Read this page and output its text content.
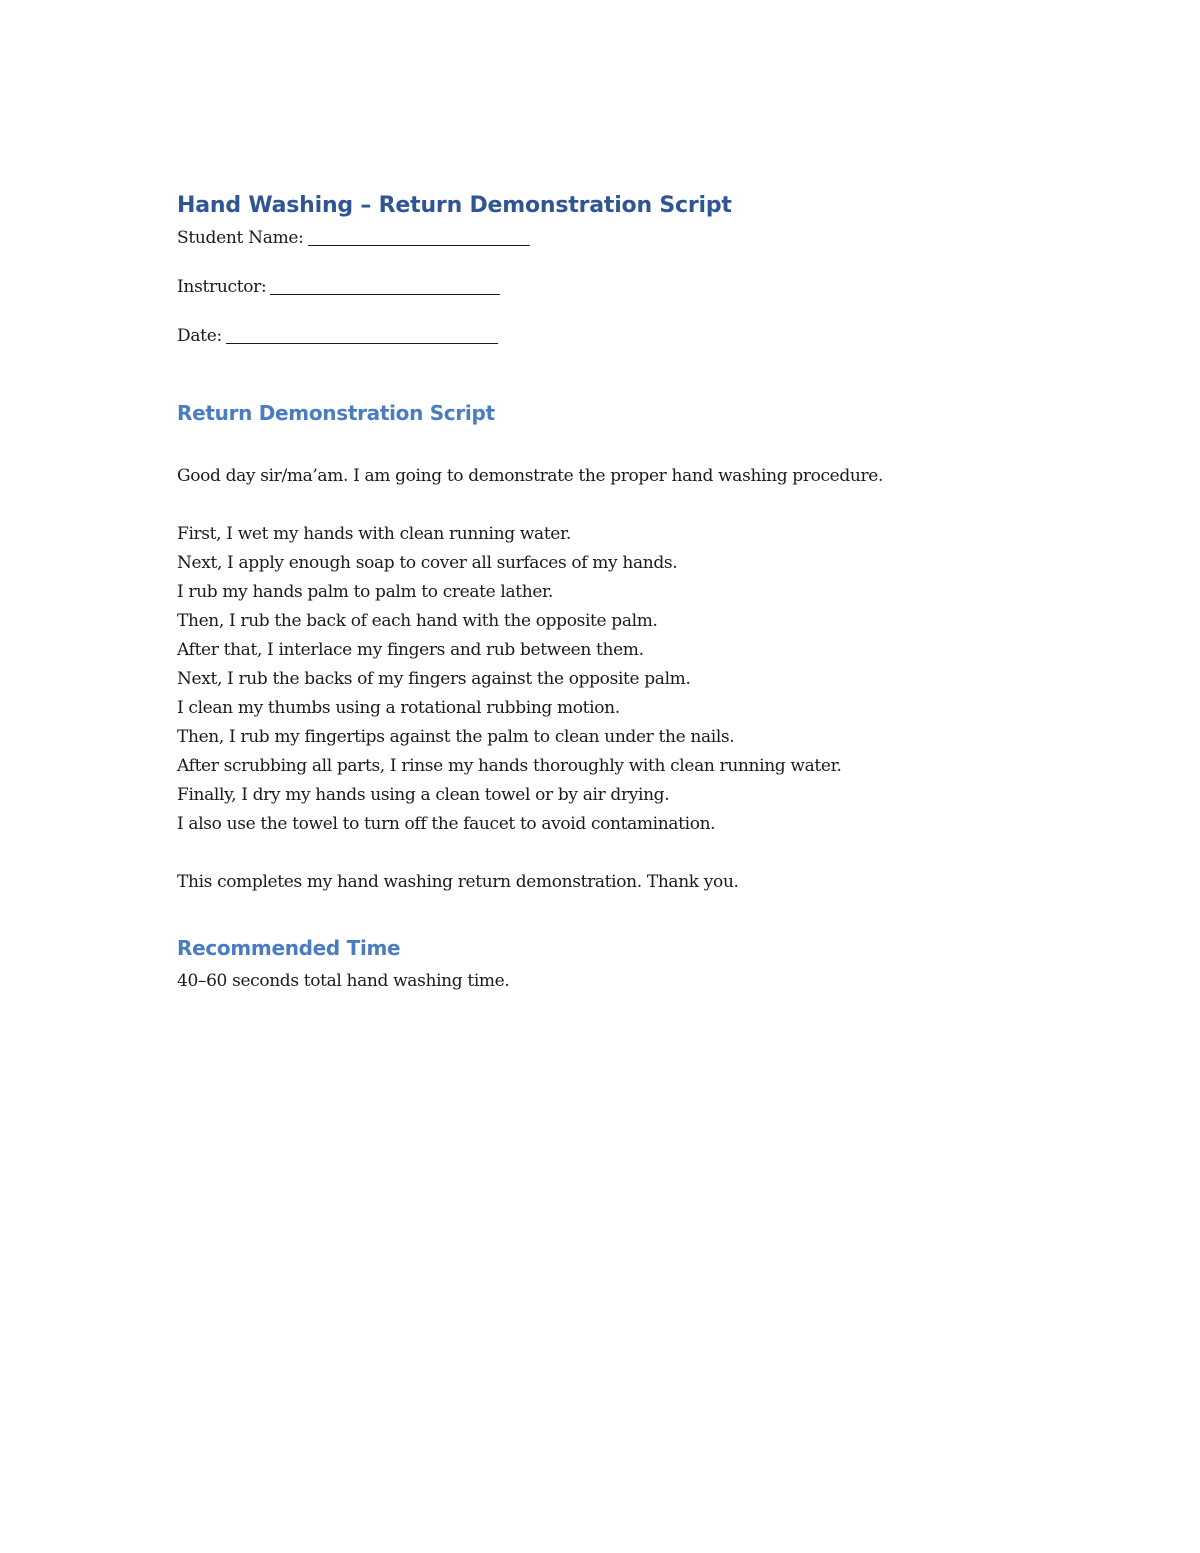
Hand Washing – Return Demonstration Script
Student Name:
Instructor:
Date:
Return Demonstration Script

Good day sir/ma’am. I am going to demonstrate the proper hand washing procedure.

First, I wet my hands with clean running water.
Next, I apply enough soap to cover all surfaces of my hands.
I rub my hands palm to palm to create lather.
Then, I rub the back of each hand with the opposite palm.
After that, I interlace my fingers and rub between them.
Next, I rub the backs of my fingers against the opposite palm.
I clean my thumbs using a rotational rubbing motion.
Then, I rub my fingertips against the palm to clean under the nails.
After scrubbing all parts, I rinse my hands thoroughly with clean running water.
Finally, I dry my hands using a clean towel or by air drying.
I also use the towel to turn off the faucet to avoid contamination.

This completes my hand washing return demonstration. Thank you.

Recommended Time

40–60 seconds total hand washing time.
